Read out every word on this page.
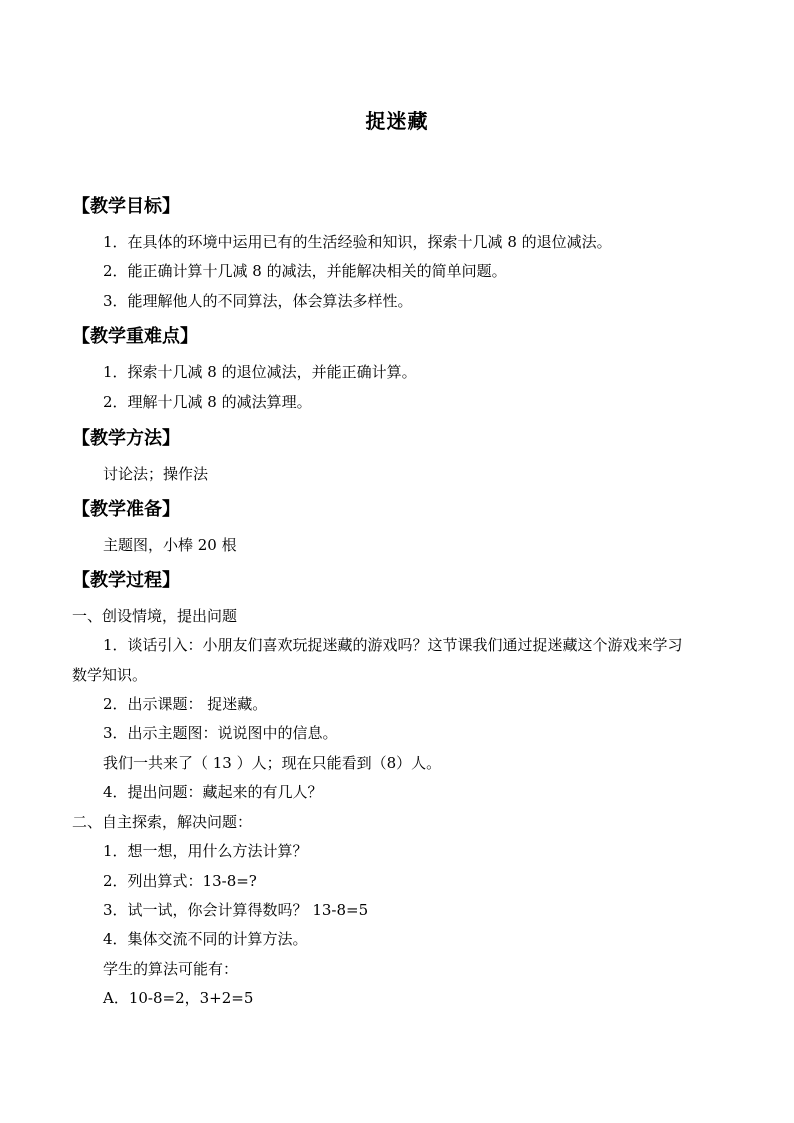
捉迷藏
【教学目标】
1．在具体的环境中运用已有的生活经验和知识，探索十几减 8 的退位减法。
2．能正确计算十几减 8 的减法，并能解决相关的简单问题。
3．能理解他人的不同算法，体会算法多样性。
【教学重难点】
1．探索十几减 8 的退位减法，并能正确计算。
2．理解十几减 8 的减法算理。
【教学方法】
讨论法；操作法
【教学准备】
主题图，小棒 20 根
【教学过程】
一、创设情境，提出问题
1．谈话引入：小朋友们喜欢玩捉迷藏的游戏吗？这节课我们通过捉迷藏这个游戏来学习
数学知识。
2．出示课题： 捉迷藏。
3．出示主题图：说说图中的信息。
我们一共来了（ 13 ）人；现在只能看到（8）人。
4．提出问题：藏起来的有几人？
二、自主探索，解决问题：
1．想一想，用什么方法计算？
2．列出算式：13-8=?
3．试一试，你会计算得数吗？ 13-8=5
4．集体交流不同的计算方法。
学生的算法可能有：
A．10-8=2，3+2=5
